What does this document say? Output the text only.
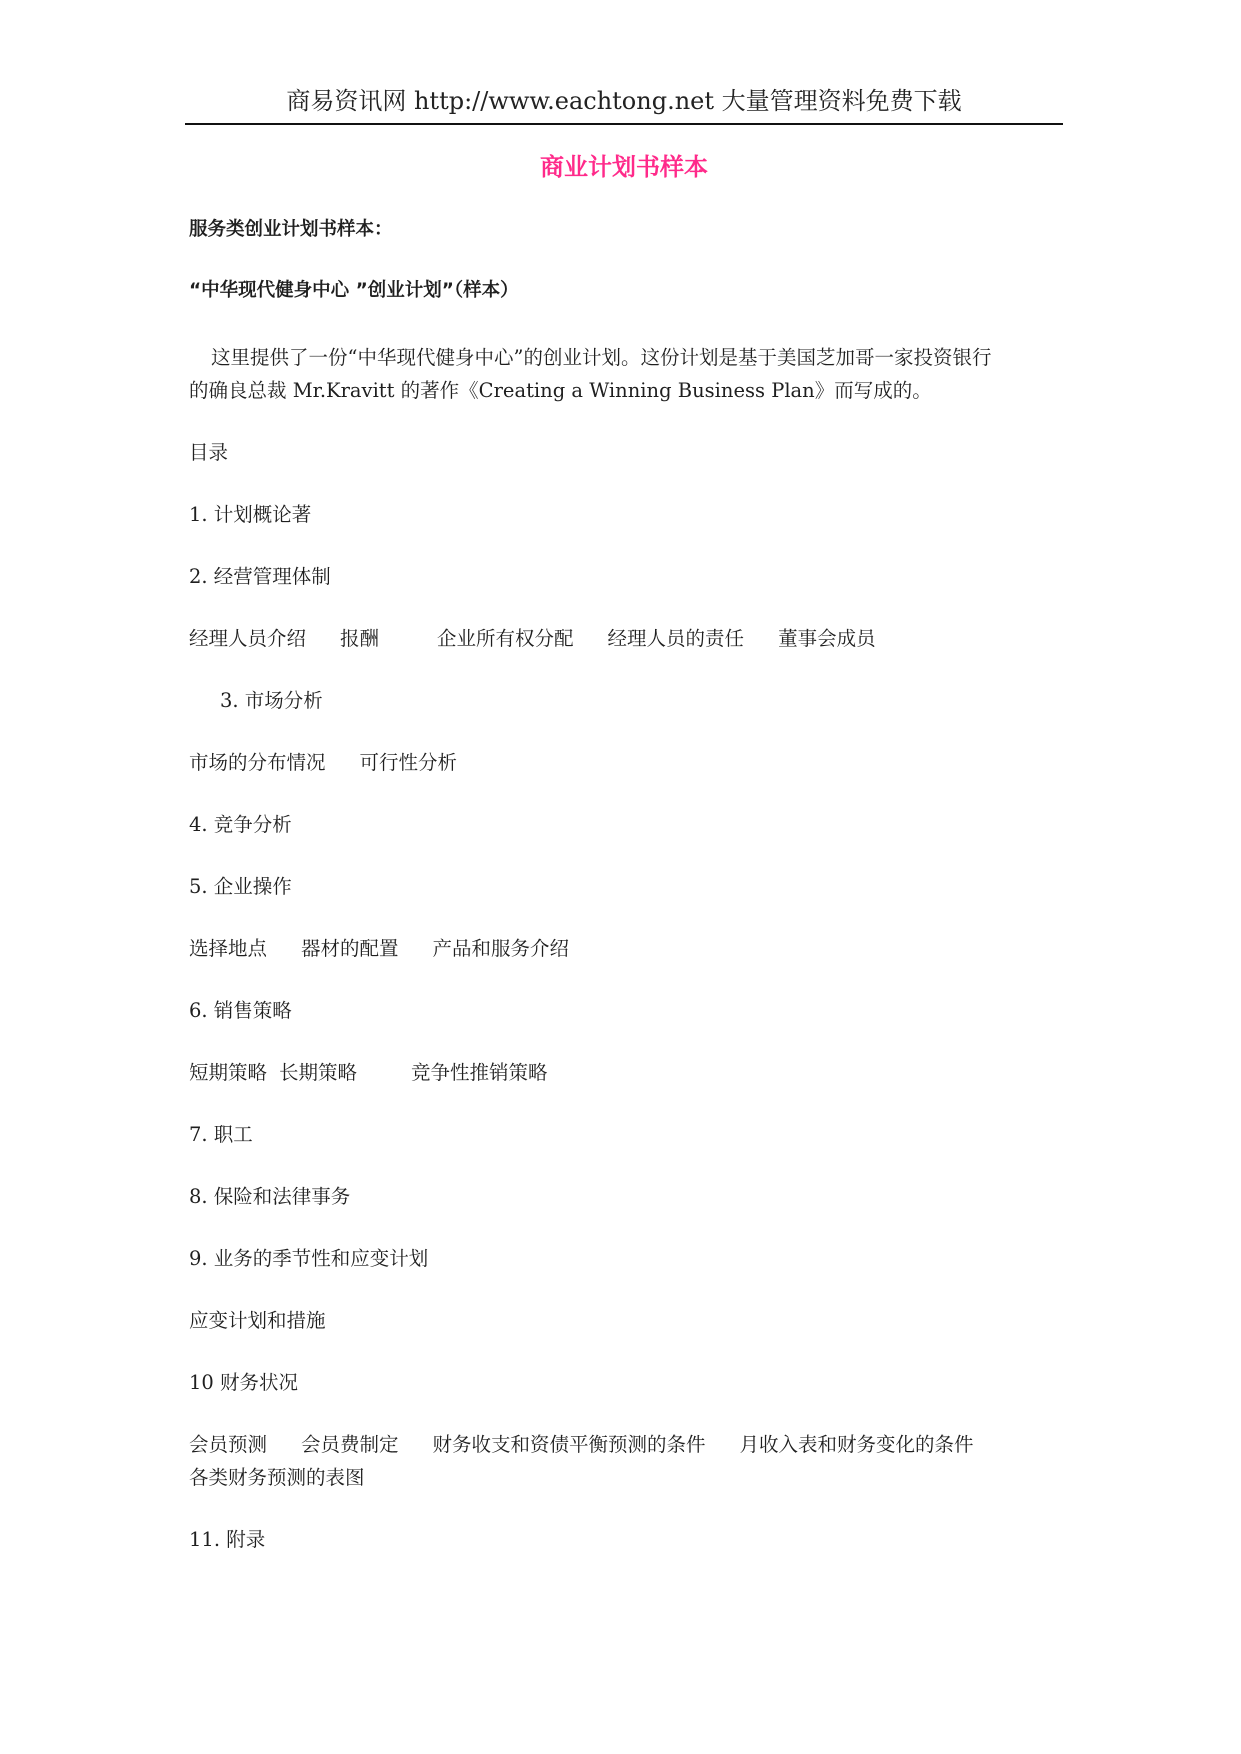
商易资讯网 http://www.eachtong.net 大量管理资料免费下载
商业计划书样本
服务类创业计划书样本：
“中华现代健身中心 ”创业计划”（样本）
这里提供了一份“中华现代健身中心”的创业计划。这份计划是基于美国芝加哥一家投资银行
的确良总裁 Mr.Kravitt 的著作《Creating a Winning Business Plan》而写成的。
目录
1. 计划概论著
2. 经营管理体制
经理人员介绍 报酬	企业所有权分配 经理人员的责任 董事会成员
3. 市场分析
市场的分布情况 可行性分析
4. 竞争分析
5. 企业操作
选择地点 器材的配置 产品和服务介绍
6. 销售策略
短期策略 长期策略	竞争性推销策略
7. 职工
8. 保险和法律事务
9. 业务的季节性和应变计划
应变计划和措施
10 财务状况
会员预测 会员费制定 财务收支和资债平衡预测的条件 月收入表和财务变化的条件
各类财务预测的表图
11. 附录
